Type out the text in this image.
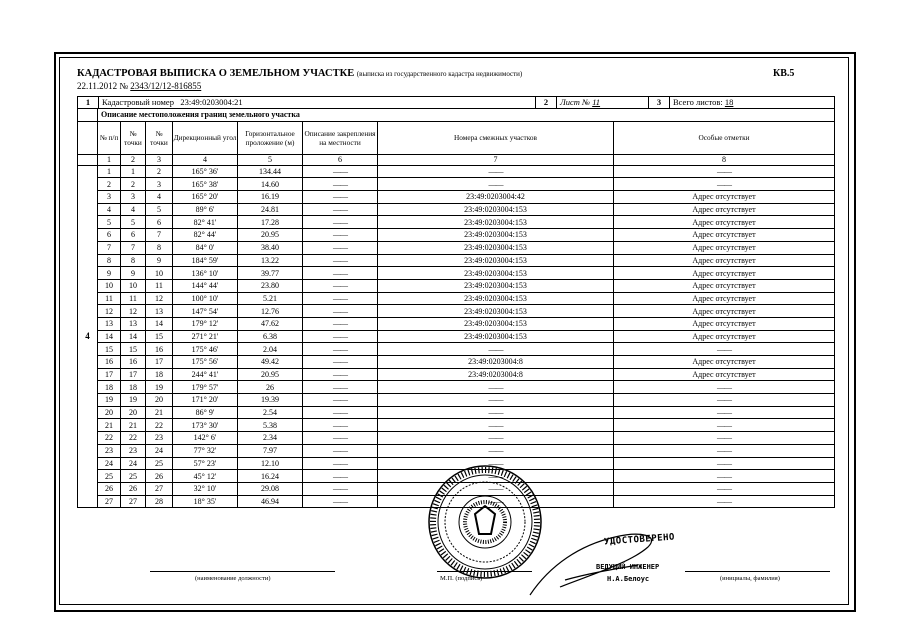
КАДАСТРОВАЯ ВЫПИСКА О ЗЕМЕЛЬНОМ УЧАСТКЕ (выписка из государственного кадастра недвижимости)	КВ.5
22.11.2012 № 2343/12/12-816855
1	Кадастровый номер 23:49:0203004:21	2	Лист № 11	3	Всего листов: 18
	Описание местоположения границ земельного участка							
	№ п/п	№ точки	№ точки	Дирекционный угол	Горизонтальное проложение (м)	Описание закрепления на местности	Номера смежных участков	Особые отметки
	1	2	3	4	5	6	7	8
4	1	1	2	165° 36'	134.44	——	——	——
	2	2	3	165° 38'	14.60	——	——	——
	3	3	4	165° 20'	16.19	——	23:49:0203004:42	Адрес отсутствует
	4	4	5	89° 6'	24.81	——	23:49:0203004:153	Адрес отсутствует
	5	5	6	82° 41'	17.28	——	23:49:0203004:153	Адрес отсутствует
	6	6	7	82° 44'	20.95	——	23:49:0203004:153	Адрес отсутствует
	7	7	8	84° 0'	38.40	——	23:49:0203004:153	Адрес отсутствует
	8	8	9	184° 59'	13.22	——	23:49:0203004:153	Адрес отсутствует
	9	9	10	136° 10'	39.77	——	23:49:0203004:153	Адрес отсутствует
	10	10	11	144° 44'	23.80	——	23:49:0203004:153	Адрес отсутствует
	11	11	12	100° 10'	5.21	——	23:49:0203004:153	Адрес отсутствует
	12	12	13	147° 54'	12.76	——	23:49:0203004:153	Адрес отсутствует
	13	13	14	179° 12'	47.62	——	23:49:0203004:153	Адрес отсутствует
	14	14	15	271° 21'	6.38	——	23:49:0203004:153	Адрес отсутствует
	15	15	16	175° 46'	2.04	——	——	——
	16	16	17	175° 56'	49.42	——	23:49:0203004:8	Адрес отсутствует
	17	17	18	244° 41'	20.95	——	23:49:0203004:8	Адрес отсутствует
	18	18	19	179° 57'	26	——	——	——
	19	19	20	171° 20'	19.39	——	——	——
	20	20	21	86° 9'	2.54	——	——	——
	21	21	22	173° 30'	5.38	——	——	——
	22	22	23	142° 6'	2.34	——	——	——
	23	23	24	77° 32'	7.97	——	——	——
	24	24	25	57° 23'	12.10	——	——	——
	25	25	26	45° 12'	16.24	——	——	——
	26	26	27	32° 10'	29.08	——	——	——
	27	27	28	18° 35'	46.94	——	——	——
УДОСТОВЕРЕНО
ВЕДУЩИЙ ИНЖЕНЕР
Н.А.Белоус
(наименование должности)	М.П. (подпись)	(инициалы, фамилия)
